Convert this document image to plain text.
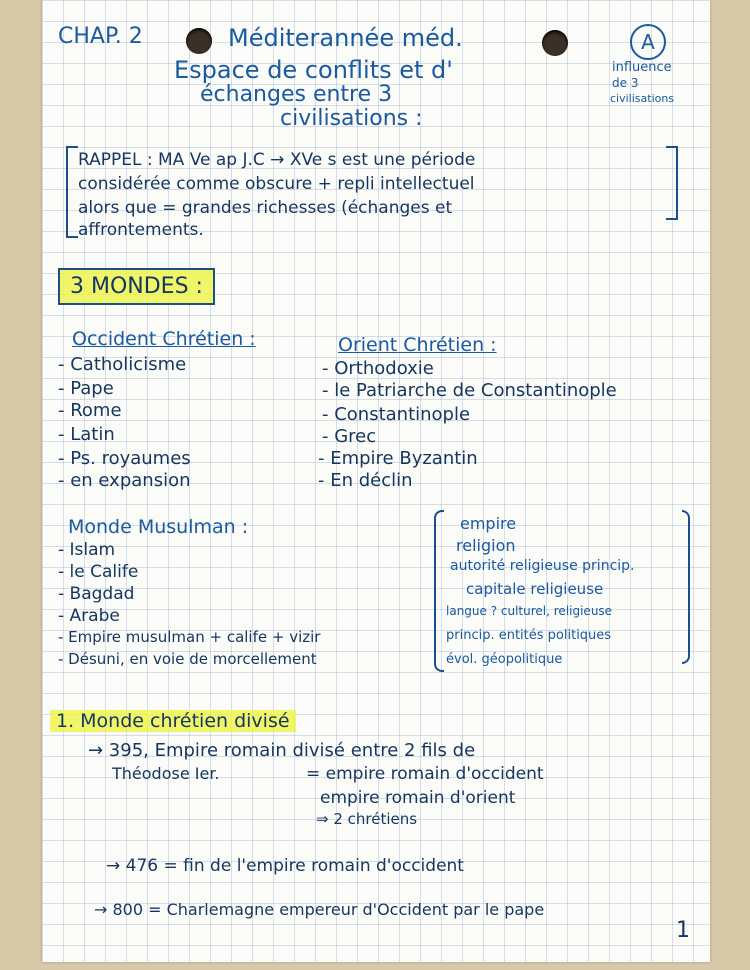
CHAP. 2	Méditerannée méd.
Espace de conflits et d'
échanges entre 3
civilisations :
A
influence
de 3
civilisations
RAPPEL : MA Ve ap J.C → XVe s est une période
considérée comme obscure + repli intellectuel
alors que = grandes richesses (échanges et
affrontements.
3 MONDES :
Occident Chrétien :
- Catholicisme
- Pape
- Rome
- Latin
- Ps. royaumes
- en expansion
Orient Chrétien :
- Orthodoxie
- le Patriarche de Constantinople
- Constantinople
- Grec
- Empire Byzantin
- En déclin
Monde Musulman :
- Islam
- le Calife
- Bagdad
- Arabe
- Empire musulman + calife + vizir
- Désuni, en voie de morcellement
empire
religion
autorité religieuse princip.
capitale religieuse
langue ? culturel, religieuse
princip. entités politiques
évol. géopolitique
1. Monde chrétien divisé
→ 395, Empire romain divisé entre 2 fils de
Théodose Ier.	= empire romain d'occident
empire romain d'orient
⇒ 2 chrétiens
→ 476 = fin de l'empire romain d'occident
→ 800 = Charlemagne empereur d'Occident par le pape
1
